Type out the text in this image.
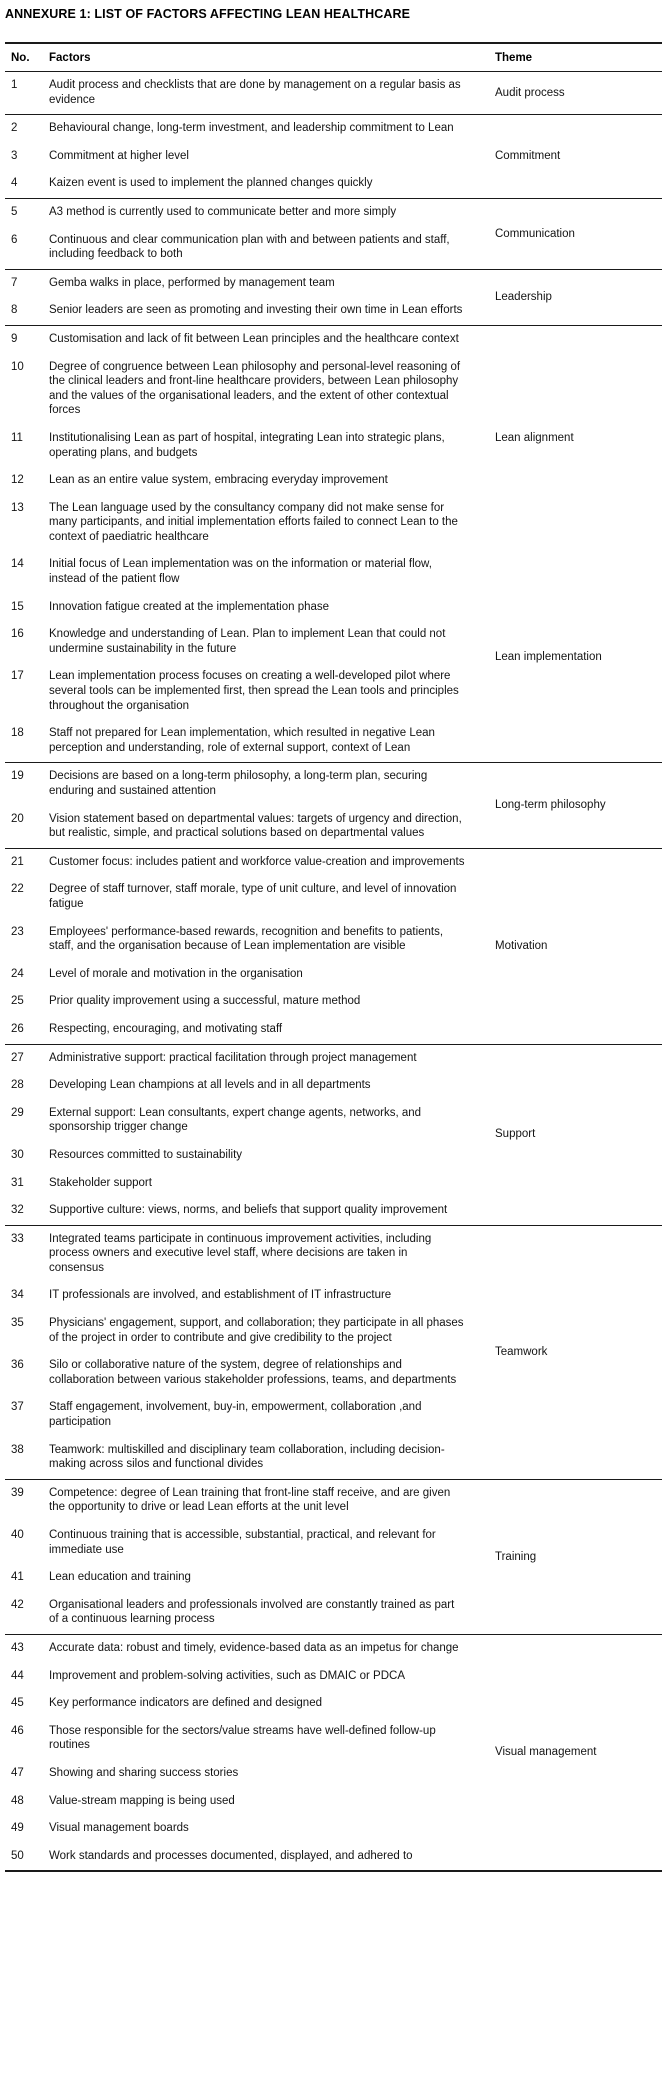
ANNEXURE 1: LIST OF FACTORS AFFECTING LEAN HEALTHCARE
No.	Factors	Theme
1	Audit process and checklists that are done by management on a regular basis as evidence
Audit process
2	Behavioural change, long-term investment, and leadership commitment to Lean
3	Commitment at higher level
4	Kaizen event is used to implement the planned changes quickly
Commitment
5	A3 method is currently used to communicate better and more simply
6	Continuous and clear communication plan with and between patients and staff, including feedback to both
Communication
7	Gemba walks in place, performed by management team
8	Senior leaders are seen as promoting and investing their own time in Lean efforts
Leadership
9	Customisation and lack of fit between Lean principles and the healthcare context
10	Degree of congruence between Lean philosophy and personal-level reasoning of the clinical leaders and front-line healthcare providers, between Lean philosophy and the values of the organisational leaders, and the extent of other contextual forces
11	Institutionalising Lean as part of hospital, integrating Lean into strategic plans, operating plans, and budgets
12	Lean as an entire value system, embracing everyday improvement
13	The Lean language used by the consultancy company did not make sense for many participants, and initial implementation efforts failed to connect Lean to the context of paediatric healthcare
Lean alignment
14	Initial focus of Lean implementation was on the information or material flow, instead of the patient flow
15	Innovation fatigue created at the implementation phase
16	Knowledge and understanding of Lean. Plan to implement Lean that could not undermine sustainability in the future
17	Lean implementation process focuses on creating a well-developed pilot where several tools can be implemented first, then spread the Lean tools and principles throughout the organisation
18	Staff not prepared for Lean implementation, which resulted in negative Lean perception and understanding, role of external support, context of Lean
Lean implementation
19	Decisions are based on a long-term philosophy, a long-term plan, securing enduring and sustained attention
20	Vision statement based on departmental values: targets of urgency and direction, but realistic, simple, and practical solutions based on departmental values
Long-term philosophy
21	Customer focus: includes patient and workforce value-creation and improvements
22	Degree of staff turnover, staff morale, type of unit culture, and level of innovation fatigue
23	Employees' performance-based rewards, recognition and benefits to patients, staff, and the organisation because of Lean implementation are visible
24	Level of morale and motivation in the organisation
25	Prior quality improvement using a successful, mature method
26	Respecting, encouraging, and motivating staff
Motivation
27	Administrative support: practical facilitation through project management
28	Developing Lean champions at all levels and in all departments
29	External support: Lean consultants, expert change agents, networks, and sponsorship trigger change
30	Resources committed to sustainability
31	Stakeholder support
32	Supportive culture: views, norms, and beliefs that support quality improvement
Support
33	Integrated teams participate in continuous improvement activities, including process owners and executive level staff, where decisions are taken in consensus
34	IT professionals are involved, and establishment of IT infrastructure
35	Physicians' engagement, support, and collaboration; they participate in all phases of the project in order to contribute and give credibility to the project
36	Silo or collaborative nature of the system, degree of relationships and collaboration between various stakeholder professions, teams, and departments
37	Staff engagement, involvement, buy-in, empowerment, collaboration ,and participation
38	Teamwork: multiskilled and disciplinary team collaboration, including decision-making across silos and functional divides
Teamwork
39	Competence: degree of Lean training that front-line staff receive, and are given the opportunity to drive or lead Lean efforts at the unit level
40	Continuous training that is accessible, substantial, practical, and relevant for immediate use
41	Lean education and training
42	Organisational leaders and professionals involved are constantly trained as part of a continuous learning process
Training
43	Accurate data: robust and timely, evidence-based data as an impetus for change
44	Improvement and problem-solving activities, such as DMAIC or PDCA
45	Key performance indicators are defined and designed
46	Those responsible for the sectors/value streams have well-defined follow-up routines
47	Showing and sharing success stories
48	Value-stream mapping is being used
49	Visual management boards
50	Work standards and processes documented, displayed, and adhered to
Visual management
